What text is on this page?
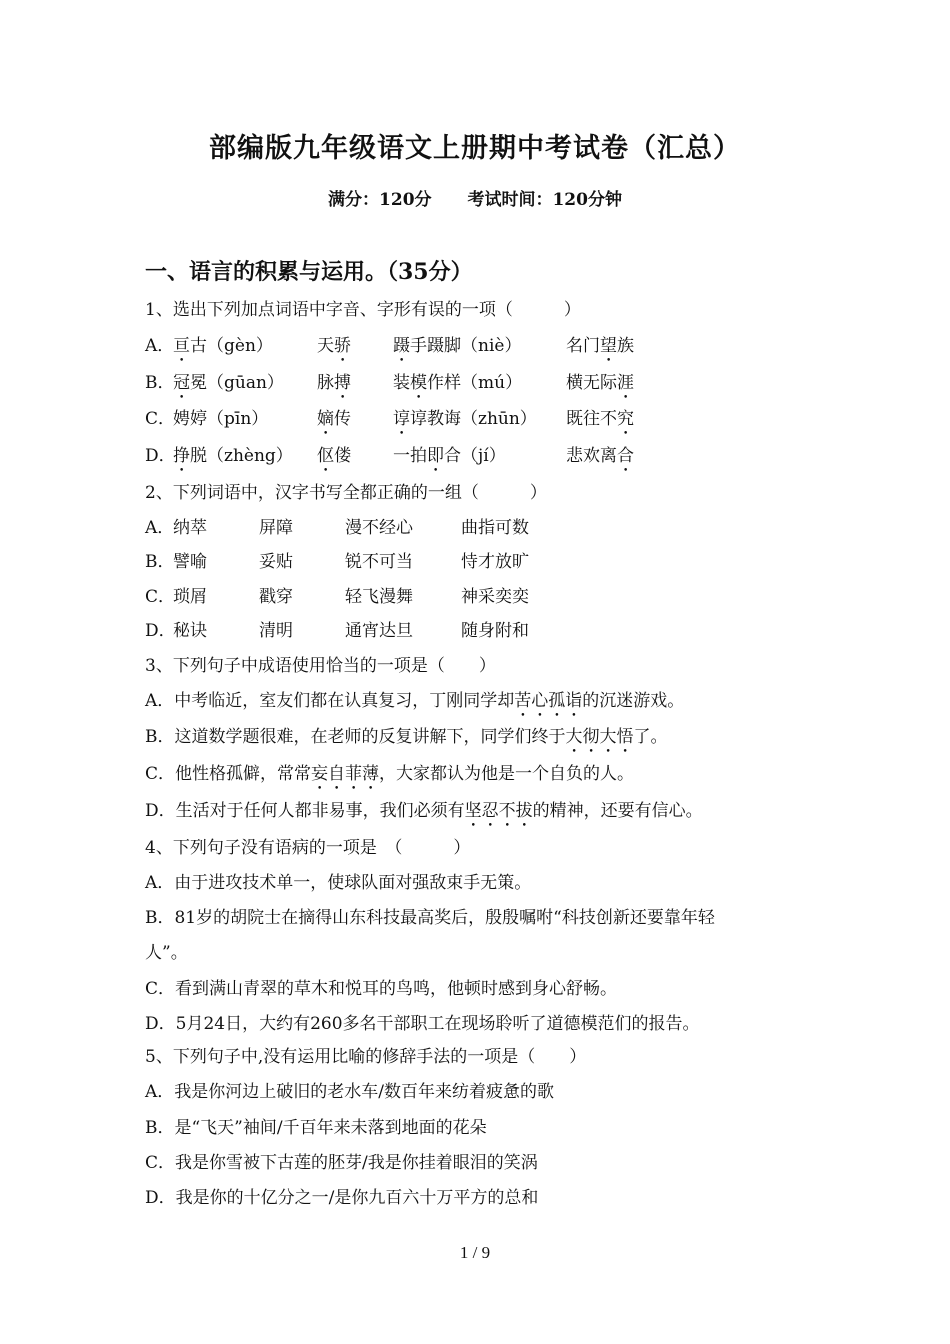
部编版九年级语文上册期中考试卷（汇总）
满分：120分 考试时间：120分钟
一、语言的积累与运用。（35分）
1、选出下列加点词语中字音、字形有误的一项（　　　）
A．
亘古（gèn）	天骄	蹑手蹑脚（niè）	名门望族
B．
冠冕（gūan）	脉搏	装模作样（mú）	横无际涯
C．
娉婷（pīn）	嫡传	谆谆教诲（zhūn）	既往不究
D．
挣脱（zhèng）	伛偻	一拍即合（jí）	悲欢离合
2、下列词语中，汉字书写全都正确的一组（　　　）
A．
纳萃	屏障	漫不经心	曲指可数
B．
譬喻	妥贴	锐不可当	恃才放旷
C．
琐屑	戳穿	轻飞漫舞	神采奕奕
D．
秘诀	清明	通宵达旦	随身附和
3、下列句子中成语使用恰当的一项是（　　）
A．中考临近，室友们都在认真复习，丁刚同学却苦心孤诣的沉迷游戏。
B．这道数学题很难，在老师的反复讲解下，同学们终于大彻大悟了。
C．他性格孤僻，常常妄自菲薄，大家都认为他是一个自负的人。
D．生活对于任何人都非易事，我们必须有坚忍不拔的精神，还要有信心。
4、下列句子没有语病的一项是　（　　　）
A．由于进攻技术单一，使球队面对强敌束手无策。
B．81岁的胡院士在摘得山东科技最高奖后，殷殷嘱咐“科技创新还要靠年轻
人”。
C．看到满山青翠的草木和悦耳的鸟鸣，他顿时感到身心舒畅。
D．5月24日，大约有260多名干部职工在现场聆听了道德模范们的报告。
5、下列句子中,没有运用比喻的修辞手法的一项是（　　）
A．我是你河边上破旧的老水车/数百年来纺着疲惫的歌
B．是“飞天”袖间/千百年来未落到地面的花朵
C．我是你雪被下古莲的胚芽/我是你挂着眼泪的笑涡
D．我是你的十亿分之一/是你九百六十万平方的总和
1 / 9
